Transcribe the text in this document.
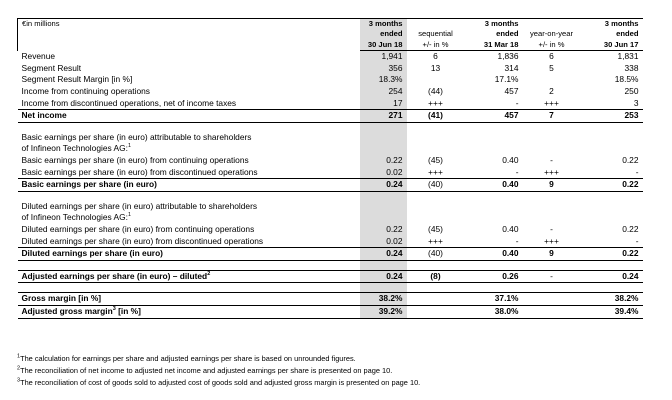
€in millions	3 months		3 months		3 months
	ended	sequential	ended	year-on-year	ended
	30 Jun 18	+/- in %	31 Mar 18	+/- in %	30 Jun 17
Revenue	1,941	6	1,836	6	1,831
Segment Result	356	13	314	5	338
Segment Result Margin [in %]	18.3%		17.1%		18.5%
Income from continuing operations	254	(44)	457	2	250
Income from discontinued operations, net of income taxes	17	+++	-	+++	3
Net income	271	(41)	457	7	253

Basic earnings per share (in euro) attributable to shareholders					
of Infineon Technologies AG:$^1$					
Basic earnings per share (in euro) from continuing operations	0.22	(45)	0.40	-	0.22
Basic earnings per share (in euro) from discontinued operations	0.02	+++	-	+++	-
Basic earnings per share (in euro)	0.24	(40)	0.40	9	0.22

Diluted earnings per share (in euro) attributable to shareholders					
of Infineon Technologies AG:$^1$					
Diluted earnings per share (in euro) from continuing operations	0.22	(45)	0.40	-	0.22
Diluted earnings per share (in euro) from discontinued operations	0.02	+++	-	+++	-
Diluted earnings per share (in euro)	0.24	(40)	0.40	9	0.22

Adjusted earnings per share (in euro) – diluted$^2$	0.24	(8)	0.26	-	0.24

Gross margin [in %]	38.2%		37.1%		38.2%
Adjusted gross margin$^3$ [in %]	39.2%		38.0%		39.4%
$^1$The calculation for earnings per share and adjusted earnings per share is based on unrounded figures.
$^2$The reconciliation of net income to adjusted net income and adjusted earnings per share is presented on page 10.
$^3$The reconciliation of cost of goods sold to adjusted cost of goods sold and adjusted gross margin is presented on page 10.
